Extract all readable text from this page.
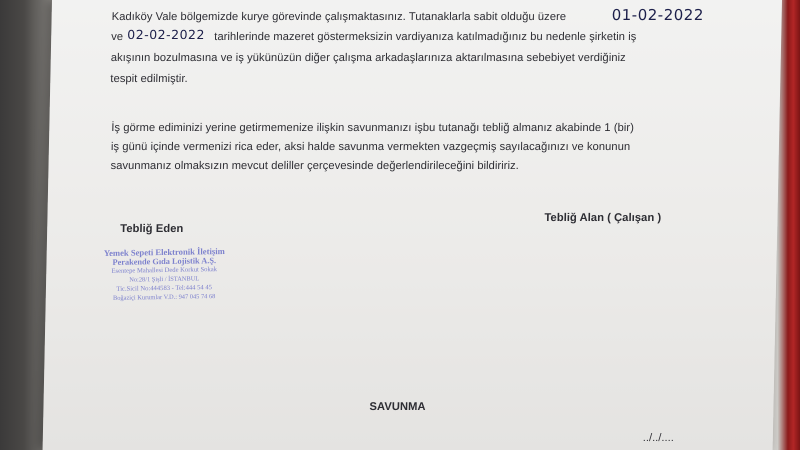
Kadıköy Vale bölgemizde kurye görevinde çalışmaktasınız. Tutanaklarla sabit olduğu üzere	01-02-2022
ve 02-02-2022 tarihlerinde mazeret göstermeksizin vardiyanıza katılmadığınız bu nedenle şirketin iş
akışının bozulmasına ve iş yükünüzün diğer çalışma arkadaşlarınıza aktarılmasına sebebiyet verdiğiniz
tespit edilmiştir.
İş görme ediminizi yerine getirmemenize ilişkin savunmanızı işbu tutanağı tebliğ almanız akabinde 1 (bir)
iş günü içinde vermenizi rica eder, aksi halde savunma vermekten vazgeçmiş sayılacağınızı ve konunun
savunmanız olmaksızın mevcut deliller çerçevesinde değerlendirileceğini bildiririz.
Tebliğ Eden
Tebliğ Alan ( Çalışan )
Yemek Sepeti Elektronik İletişim
Perakende Gıda Lojistik A.Ş.
Esentepe Mahallesi Dede Korkut Sokak
No:28/1 Şişli / İSTANBUL
Tic.Sicil No:444583 - Tel:444 54 45
Boğaziçi Kurumlar V.D.: 947 045 74 68
SAVUNMA
../../....
